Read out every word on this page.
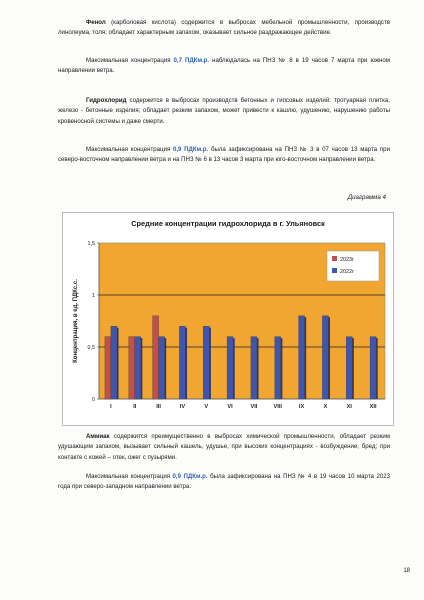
Фенол (карболовая кислота) содержится в выбросах мебельной промышленности, производств линолеума, толя; обладает характерным запахом, оказывает сильное раздражающее действие.

Максимальная концентрация 0,7 ПДКм.р. наблюдалась на ПНЗ № 8 в 19 часов 7 марта при южном направлении ветра.

Гидрохлорид содержится в выбросах производств бетонных и гипсовых изделий: тротуарная плитка, железо - бетонные изделия; обладает резким запахом, может привести к кашлю, удушению, нарушению работы кровеносной системы и даже смерти.

Максимальная концентрация 0,9 ПДКм.р. была зафиксирована на ПНЗ № 3 в 07 часов 13 марта при северо-восточном направлении ветра и на ПНЗ № 6 в 13 часов 3 марта при юго-восточном направлении ветра.

Диаграмма 4
Средние концентрации гидрохлорида в г. Ульяновск
0
0,5
1
1,5
Концентрация, в ед. ПДКс.с.
I	II	III	IV	V	VI	VII	VIII	IX	X	XI	XII
2023г
2022г

Аммиак содержится преимущественно в выбросах химической промышленности, обладает резким удушающим запахом, вызывает сильный кашель, удушье, при высоких концентрациях - возбуждение, бред; при контакте с кожей – отек, ожег с пузырями.

Максимальная концентрация 0,9 ПДКм.р. была зафиксирована на ПНЗ № 4 в 19 часов 10 марта 2023 года при северо-западном направлении ветра.

18
